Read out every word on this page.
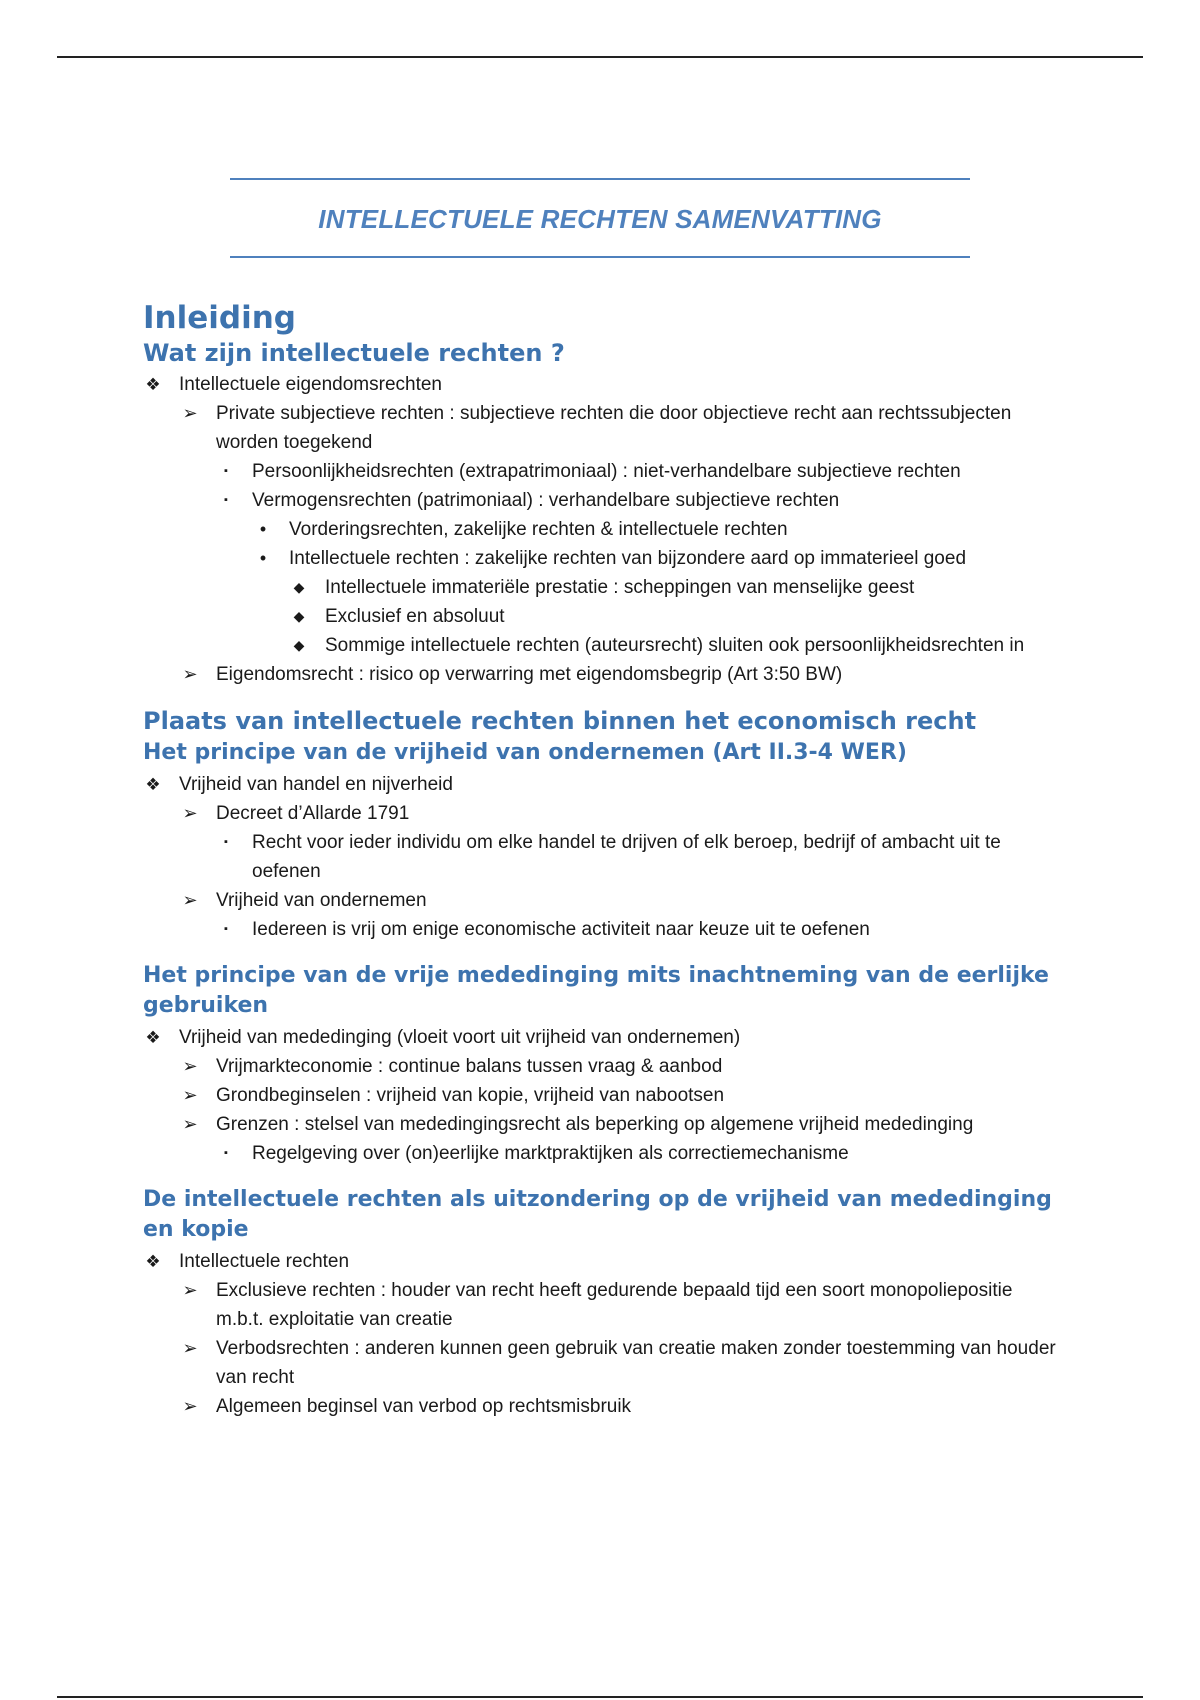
INTELLECTUELE RECHTEN SAMENVATTING
Inleiding
Wat zijn intellectuele rechten ?
❖ Intellectuele eigendomsrechten
➢ Private subjectieve rechten : subjectieve rechten die door objectieve recht aan rechtssubjecten worden toegekend
▪	Persoonlijkheidsrechten (extrapatrimoniaal) : niet-verhandelbare subjectieve rechten
▪	Vermogensrechten (patrimoniaal) : verhandelbare subjectieve rechten
•	Vorderingsrechten, zakelijke rechten & intellectuele rechten
•	Intellectuele rechten : zakelijke rechten van bijzondere aard op immaterieel goed
◆ Intellectuele immateriële prestatie : scheppingen van menselijke geest
◆ Exclusief en absoluut
◆ Sommige intellectuele rechten (auteursrecht) sluiten ook persoonlijkheidsrechten in
➢ Eigendomsrecht : risico op verwarring met eigendomsbegrip (Art 3:50 BW)
Plaats van intellectuele rechten binnen het economisch recht
Het principe van de vrijheid van ondernemen (Art II.3-4 WER)
❖ Vrijheid van handel en nijverheid
➢ Decreet d’Allarde 1791
▪	Recht voor ieder individu om elke handel te drijven of elk beroep, bedrijf of ambacht uit te oefenen
➢ Vrijheid van ondernemen
▪	Iedereen is vrij om enige economische activiteit naar keuze uit te oefenen
Het principe van de vrije mededinging mits inachtneming van de eerlijke gebruiken
❖ Vrijheid van mededinging (vloeit voort uit vrijheid van ondernemen)
➢ Vrijmarkteconomie : continue balans tussen vraag & aanbod
➢ Grondbeginselen : vrijheid van kopie, vrijheid van nabootsen
➢ Grenzen : stelsel van mededingingsrecht als beperking op algemene vrijheid mededinging
▪	Regelgeving over (on)eerlijke marktpraktijken als correctiemechanisme
De intellectuele rechten als uitzondering op de vrijheid van mededinging en kopie
❖ Intellectuele rechten
➢ Exclusieve rechten : houder van recht heeft gedurende bepaald tijd een soort monopoliepositie m.b.t. exploitatie van creatie
➢ Verbodsrechten : anderen kunnen geen gebruik van creatie maken zonder toestemming van houder van recht
➢ Algemeen beginsel van verbod op rechtsmisbruik
